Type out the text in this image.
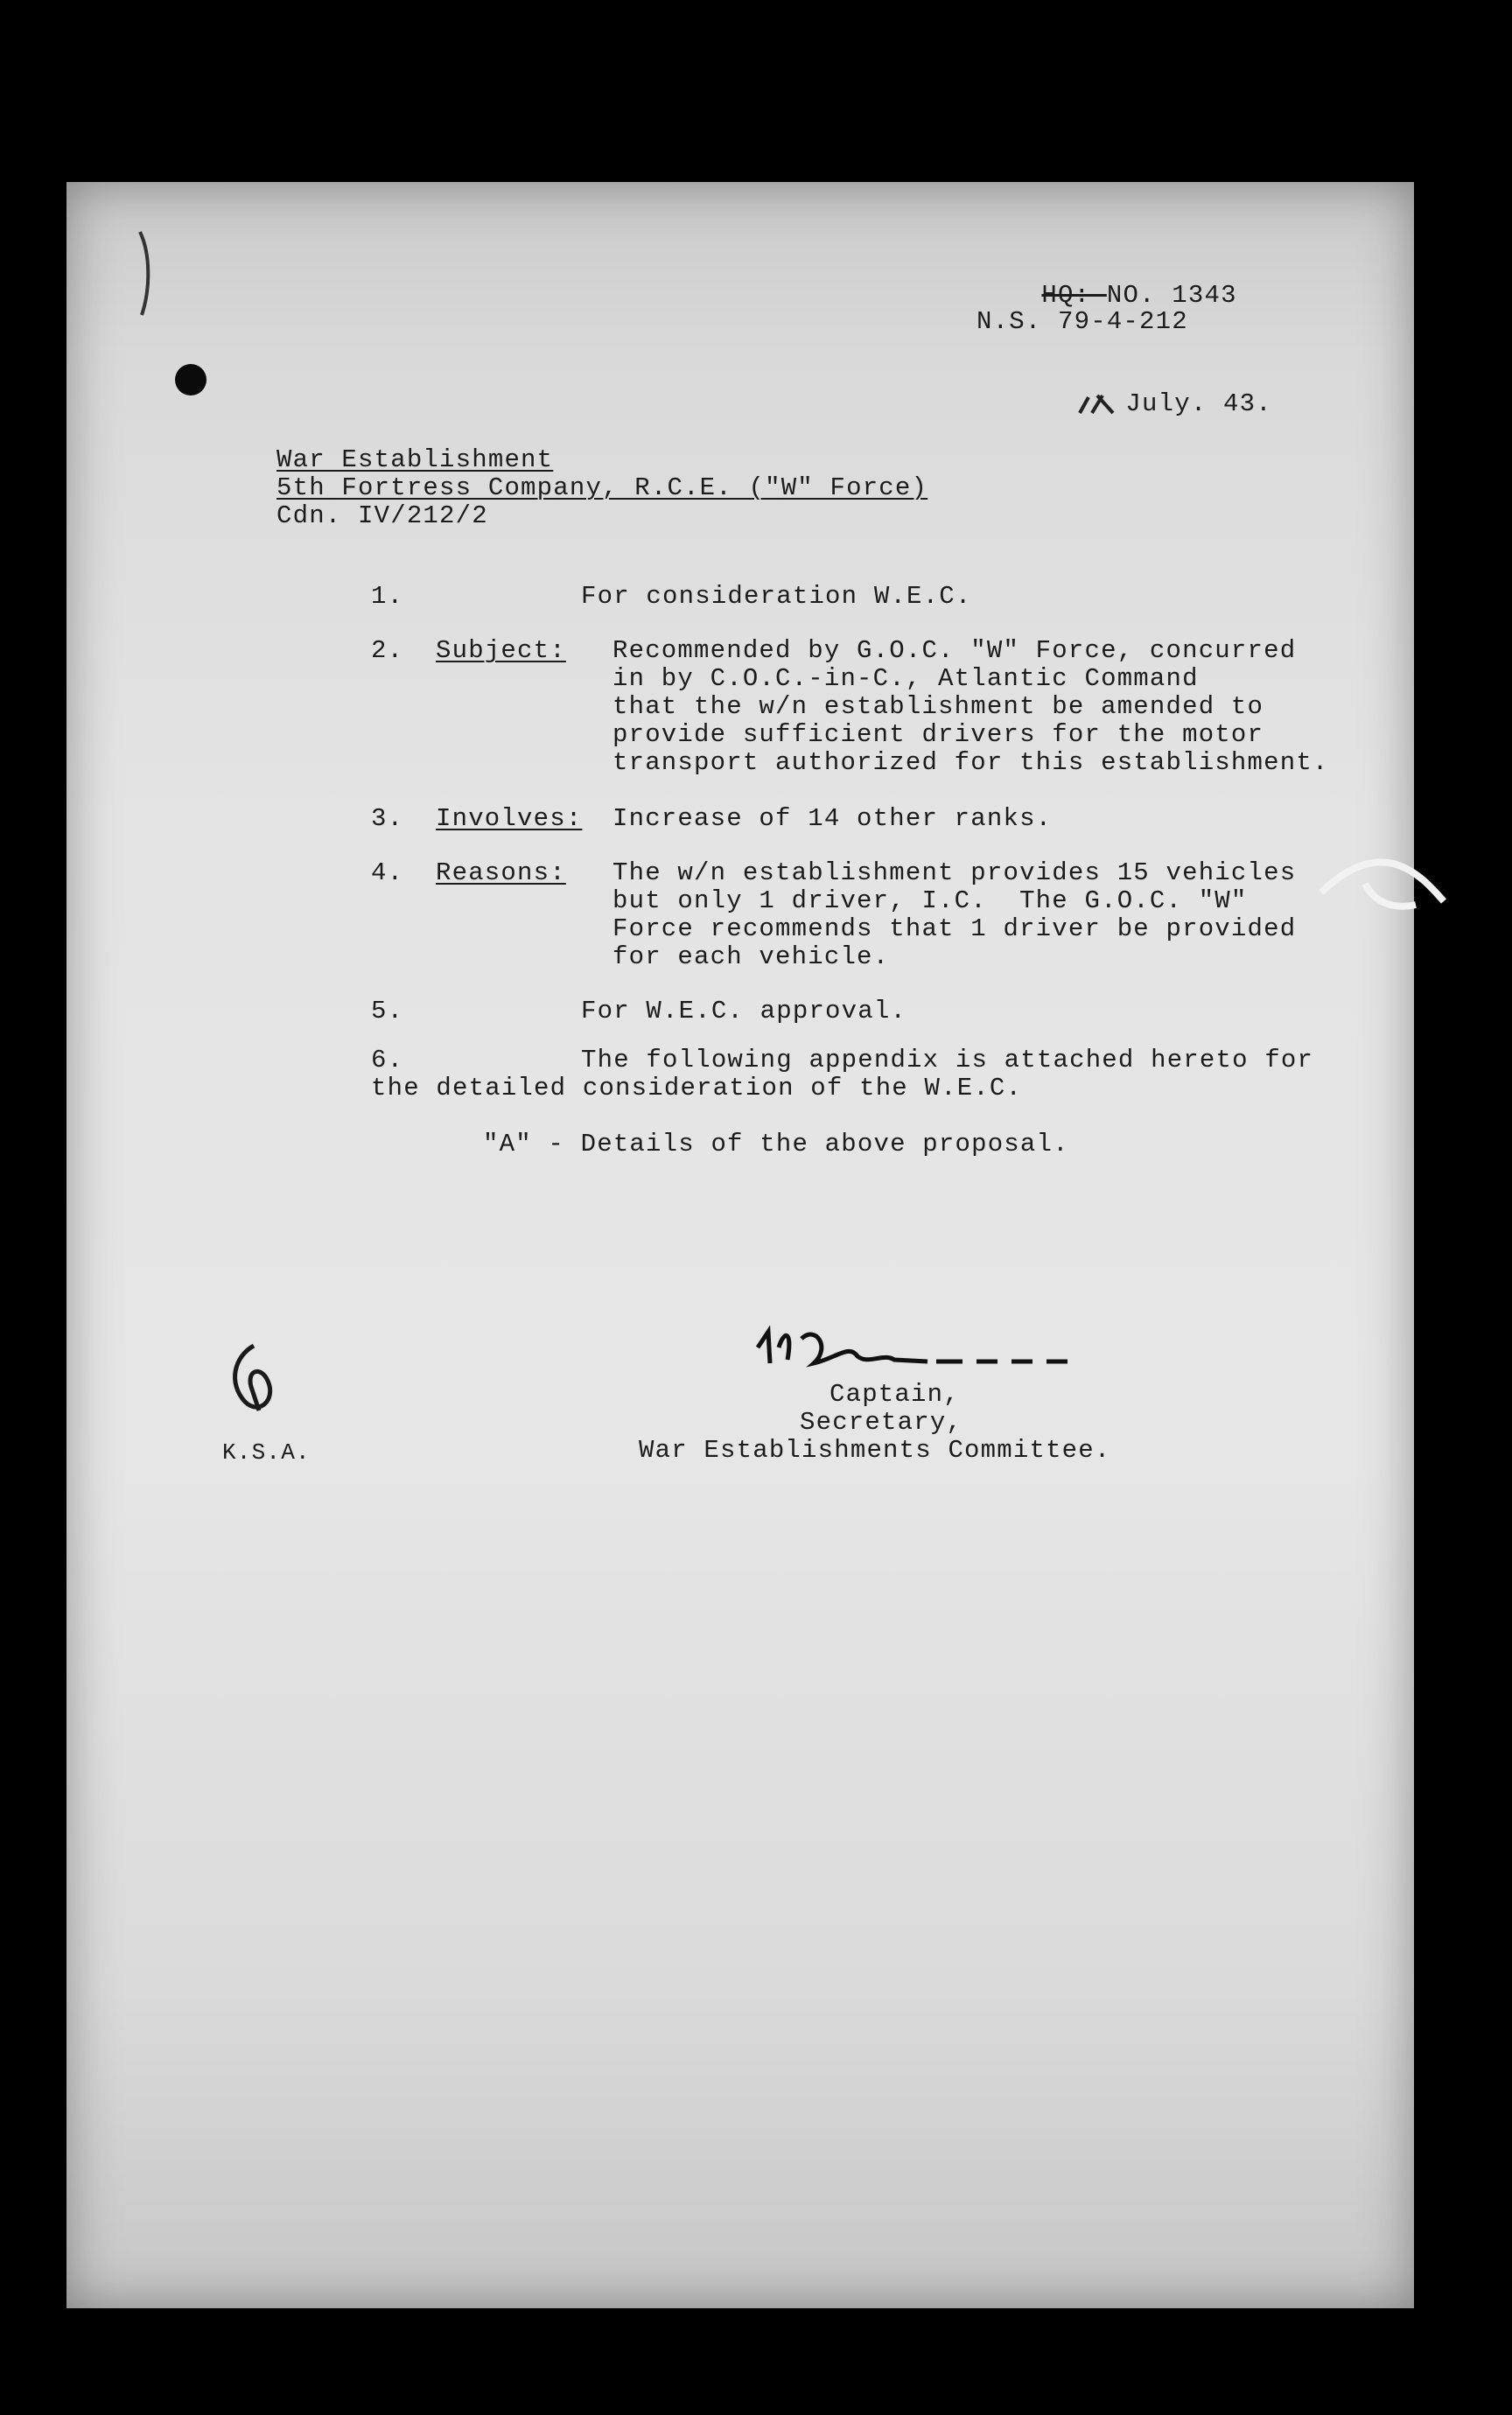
HQ: NO. 1343

N.S. 79-4-212

July. 43.

War Establishment
5th Fortress Company, R.C.E. ("W" Force)
Cdn. IV/212/2
1.	For consideration W.E.C.
2. Subject: Recommended by G.O.C. "W" Force, concurred
in by C.O.C.-in-C., Atlantic Command
that the w/n establishment be amended to
provide sufficient drivers for the motor
transport authorized for this establishment.
3. Involves: Increase of 14 other ranks.
4. Reasons: The w/n establishment provides 15 vehicles
but only 1 driver, I.C.  The G.O.C. "W"
Force recommends that 1 driver be provided
for each vehicle.
5.	For W.E.C. approval.
6.	The following appendix is attached hereto for
the detailed consideration of the W.E.C.
"A" - Details of the above proposal.
K.S.A.
Captain,
Secretary,
War Establishments Committee.
